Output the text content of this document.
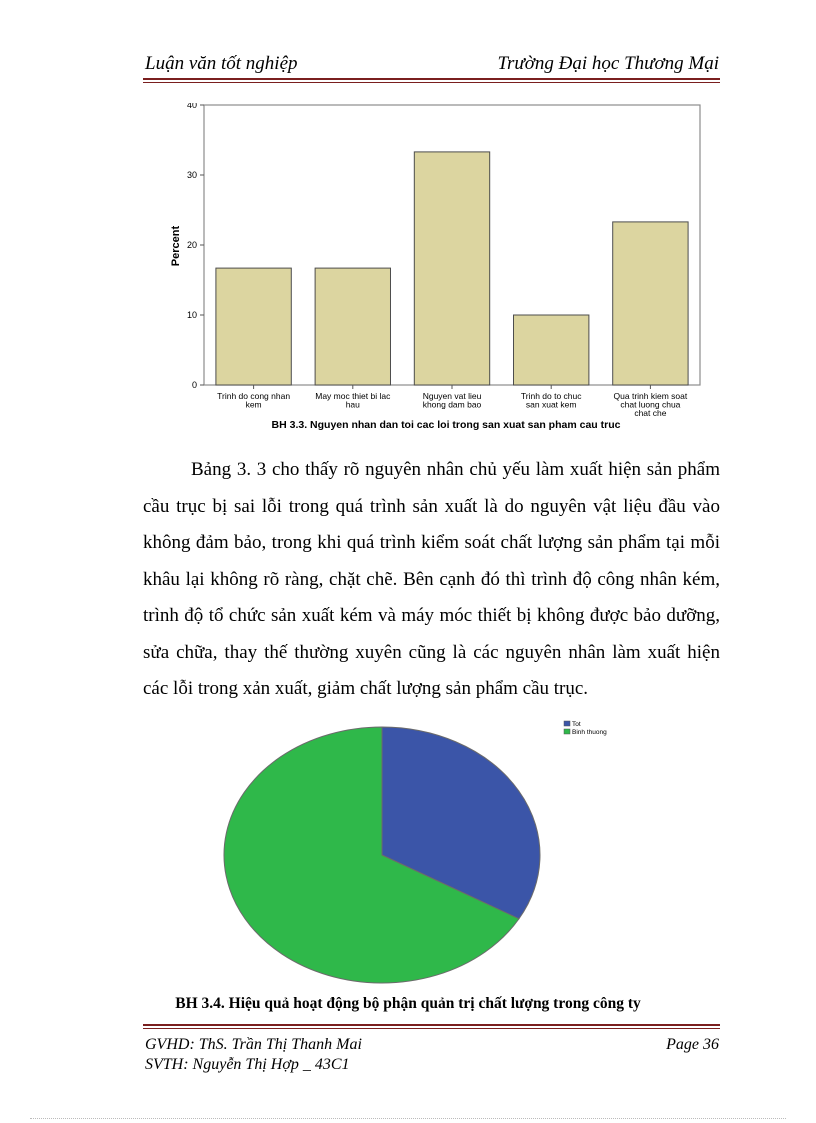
Luận văn tốt nghiệp	Trường Đại học Thương Mại
Percent
0
10
20
30
40
Trinh do cong nhan
kem
May moc thiet bi lac
hau
Nguyen vat lieu
khong dam bao
Trinh do to chuc
san xuat kem
Qua trinh kiem soat
chat luong chua
chat che
BH 3.3. Nguyen nhan dan toi cac loi trong san xuat san pham cau truc

Bảng 3. 3 cho thấy rõ nguyên nhân chủ yếu làm xuất hiện sản phẩm cầu trục bị sai lỗi trong quá trình sản xuất là do nguyên vật liệu đầu vào không đảm bảo, trong khi quá trình kiểm soát chất lượng sản phẩm tại mỗi khâu lại không rõ ràng, chặt chẽ. Bên cạnh đó thì trình độ công nhân kém, trình độ tổ chức sản xuất kém và máy móc thiết bị không được bảo dưỡng, sửa chữa, thay thế thường xuyên cũng là các nguyên nhân làm xuất hiện các lỗi trong xản xuất, giảm chất lượng sản phẩm cầu trục.

Tot
Binh thuong
BH 3.4. Hiệu quả hoạt động bộ phận quản trị chất lượng trong công ty
GVHD: ThS. Trần Thị Thanh Mai
SVTH: Nguyễn Thị Hợp _ 43C1
Page 36
